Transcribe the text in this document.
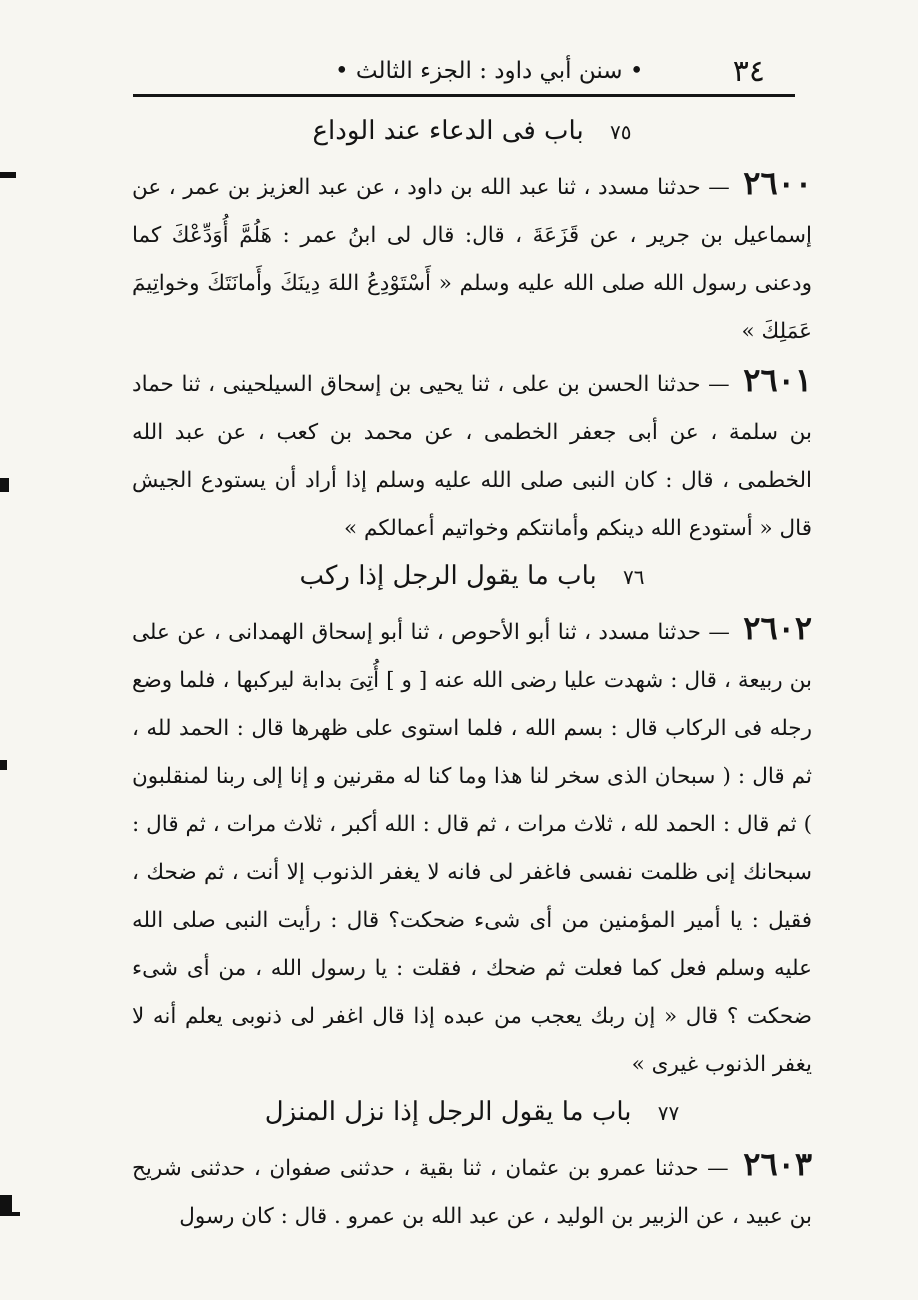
٣٤
• سنن أبي داود : الجزء الثالث •
٧٥ باب فى الدعاء عند الوداع

٢٦٠٠ — حدثنا مسدد ، ثنا عبد الله بن داود ، عن عبد العزيز بن عمر ، عن إسماعيل بن جرير ، عن قَزَعَةَ ، قال: قال لى ابنُ عمر : هَلُمَّ أُوَدِّعْكَ كما ودعنى رسول الله صلى الله عليه وسلم « أَسْتَوْدِعُ اللهَ دِينَكَ وأَمانَتَكَ وخواتِيمَ عَمَلِكَ »

٢٦٠١ — حدثنا الحسن بن على ، ثنا يحيى بن إسحاق السيلحينى ، ثنا حماد بن سلمة ، عن أبى جعفر الخطمى ، عن محمد بن كعب ، عن عبد الله الخطمى ، قال : كان النبى صلى الله عليه وسلم إذا أراد أن يستودع الجيش قال « أستودع الله دينكم وأمانتكم وخواتيم أعمالكم »

٧٦ باب ما يقول الرجل إذا ركب

٢٦٠٢ — حدثنا مسدد ، ثنا أبو الأحوص ، ثنا أبو إسحاق الهمدانى ، عن على بن ربيعة ، قال : شهدت عليا رضى الله عنه [ و ] أُتِىَ بدابة ليركبها ، فلما وضع رجله فى الركاب قال : بسم الله ، فلما استوى على ظهرها قال : الحمد لله ، ثم قال : ( سبحان الذى سخر لنا هذا وما كنا له مقرنين و إنا إلى ربنا لمنقلبون ) ثم قال : الحمد لله ، ثلاث مرات ، ثم قال : الله أكبر ، ثلاث مرات ، ثم قال : سبحانك إنى ظلمت نفسى فاغفر لى فانه لا يغفر الذنوب إلا أنت ، ثم ضحك ، فقيل : يا أمير المؤمنين من أى شىء ضحكت؟ قال : رأيت النبى صلى الله عليه وسلم فعل كما فعلت ثم ضحك ، فقلت : يا رسول الله ، من أى شىء ضحكت ؟ قال « إن ربك يعجب من عبده إذا قال اغفر لى ذنوبى يعلم أنه لا يغفر الذنوب غيرى »

٧٧ باب ما يقول الرجل إذا نزل المنزل

٢٦٠٣ — حدثنا عمرو بن عثمان ، ثنا بقية ، حدثنى صفوان ، حدثنى شريح بن عبيد ، عن الزبير بن الوليد ، عن عبد الله بن عمرو . قال : كان رسول
